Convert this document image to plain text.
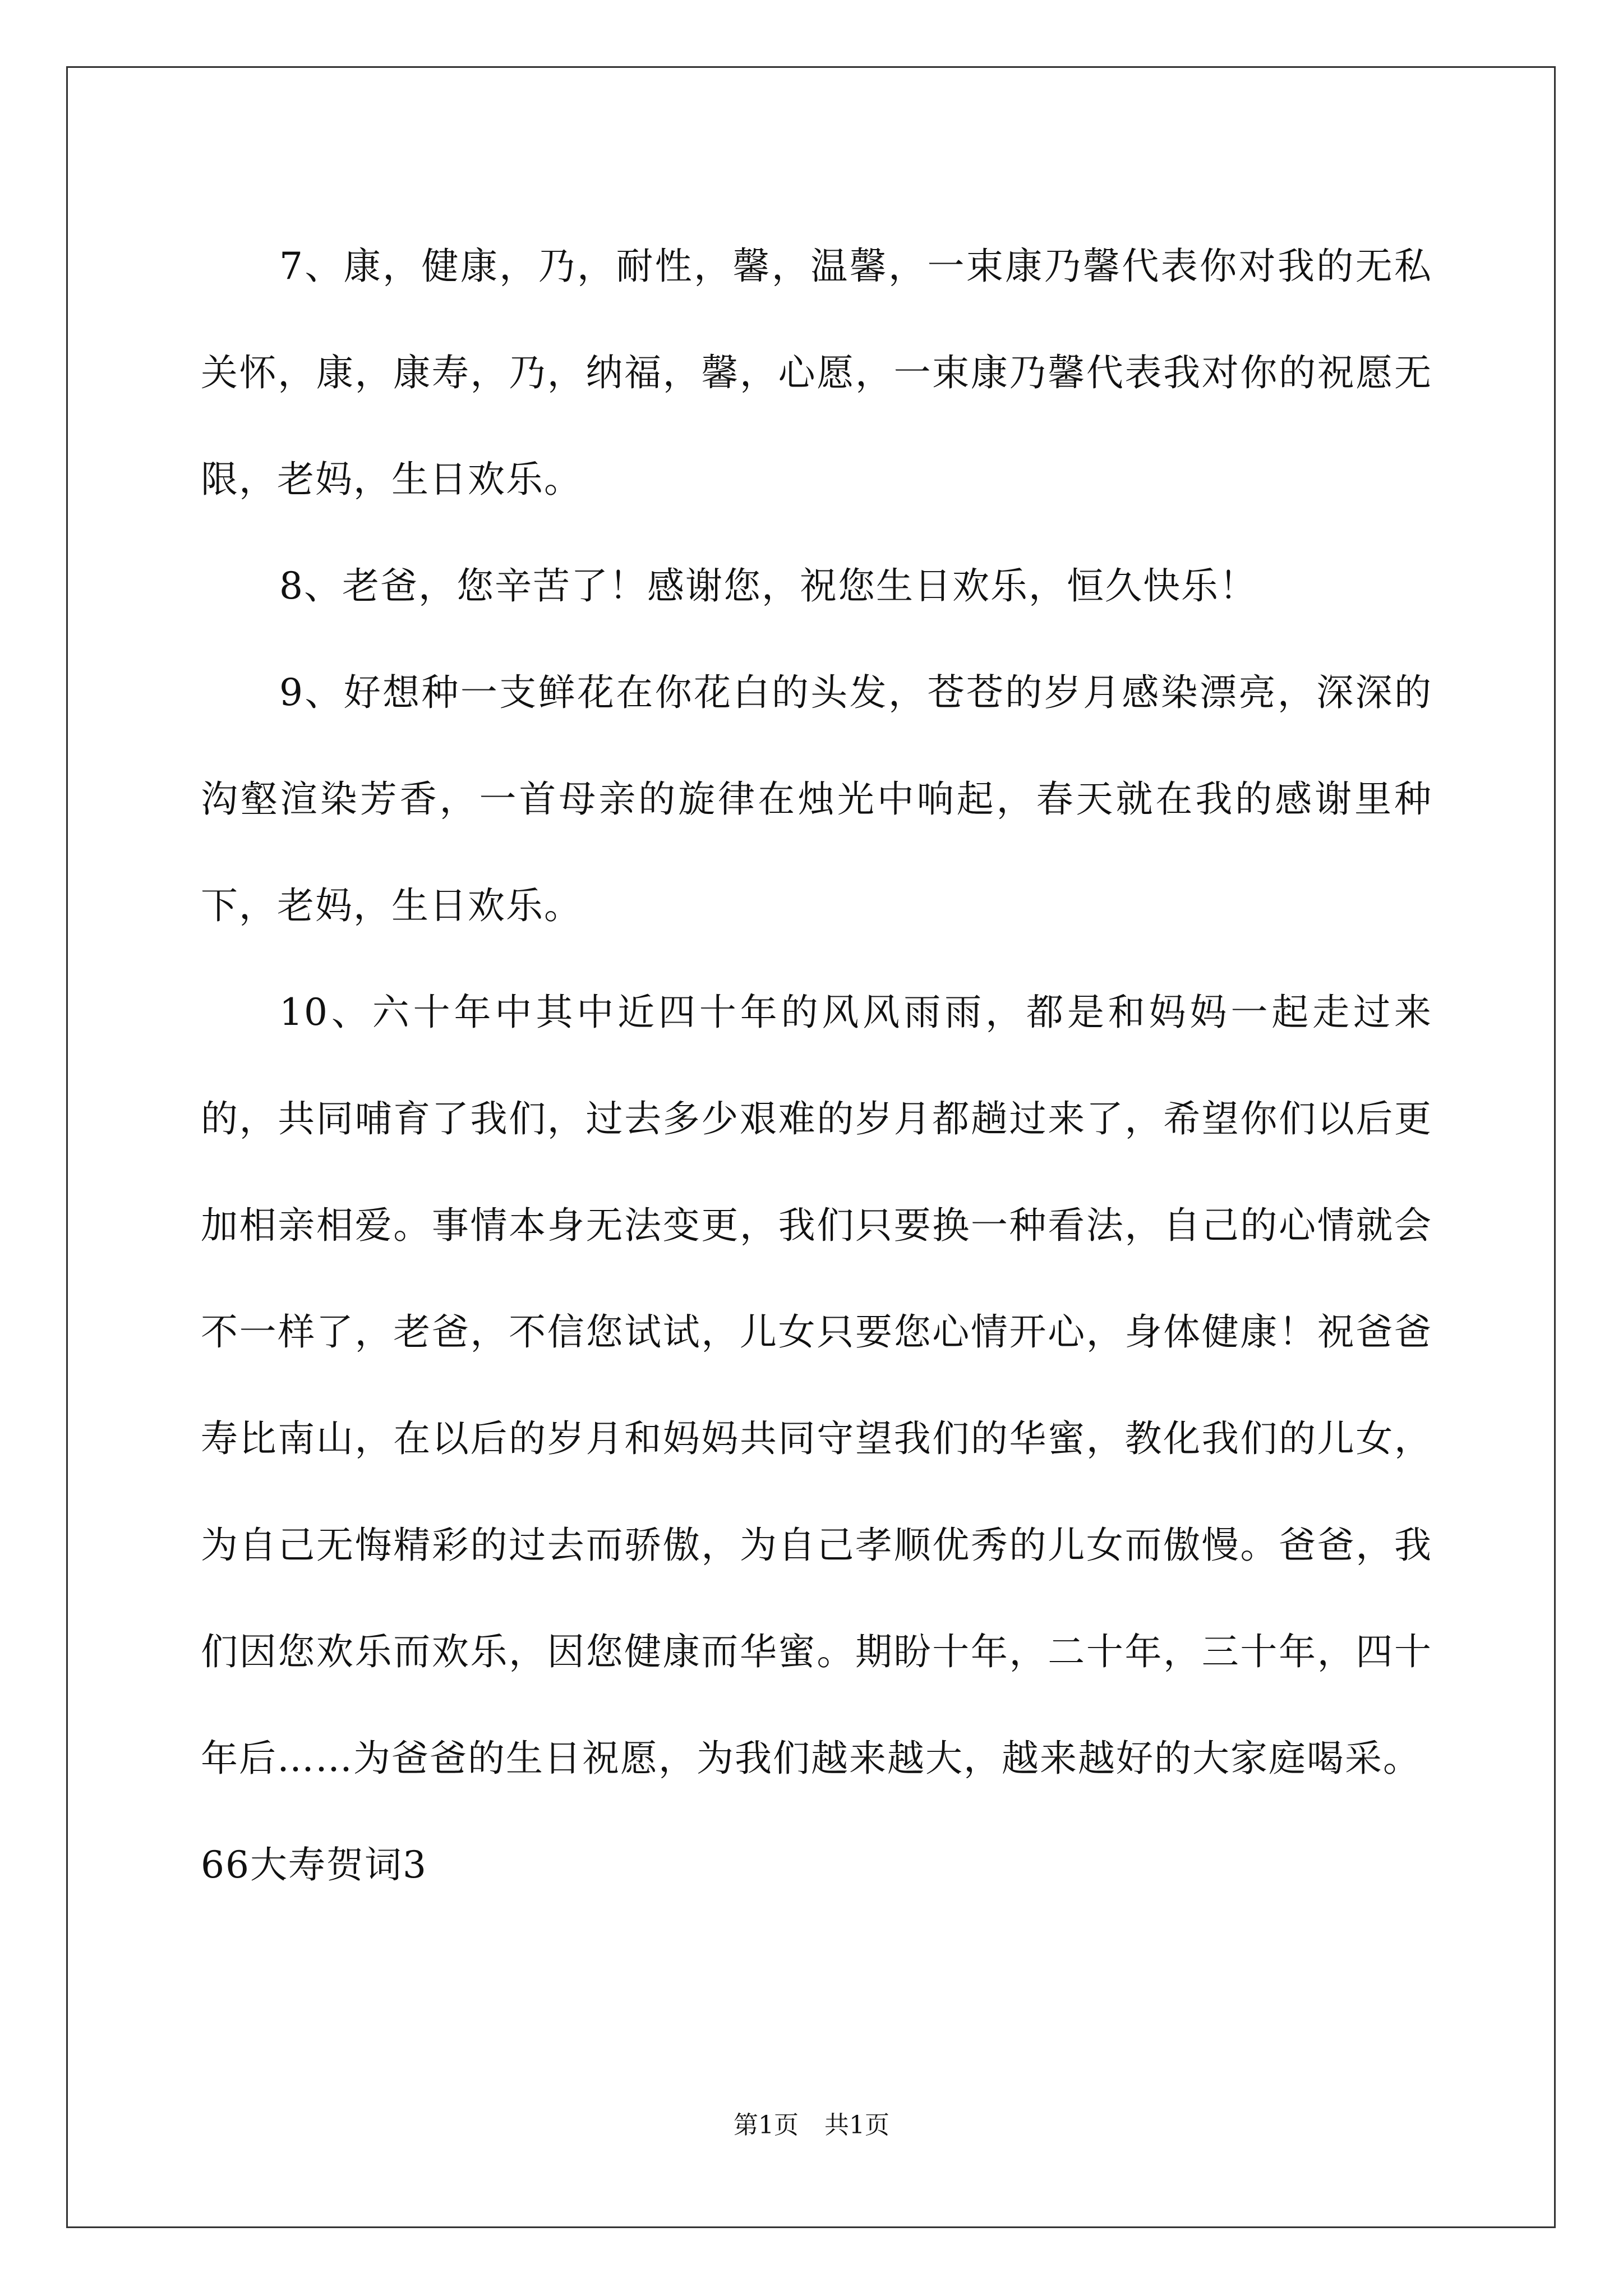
7、康，健康，乃，耐性，馨，温馨，一束康乃馨代表你对我的无私关怀，康，康寿，乃，纳福，馨，心愿，一束康乃馨代表我对你的祝愿无限，老妈，生日欢乐。

8、老爸，您辛苦了！感谢您，祝您生日欢乐，恒久快乐！

9、好想种一支鲜花在你花白的头发，苍苍的岁月感染漂亮，深深的沟壑渲染芳香，一首母亲的旋律在烛光中响起，春天就在我的感谢里种下，老妈，生日欢乐。

10、六十年中其中近四十年的风风雨雨，都是和妈妈一起走过来的，共同哺育了我们，过去多少艰难的岁月都趟过来了，希望你们以后更加相亲相爱。事情本身无法变更，我们只要换一种看法，自己的心情就会不一样了，老爸，不信您试试，儿女只要您心情开心，身体健康！祝爸爸寿比南山，在以后的岁月和妈妈共同守望我们的华蜜，教化我们的儿女，为自己无悔精彩的过去而骄傲，为自己孝顺优秀的儿女而傲慢。爸爸，我们因您欢乐而欢乐，因您健康而华蜜。期盼十年，二十年，三十年，四十年后……为爸爸的生日祝愿，为我们越来越大，越来越好的大家庭喝采。

66大寿贺词3

第1页 共1页
